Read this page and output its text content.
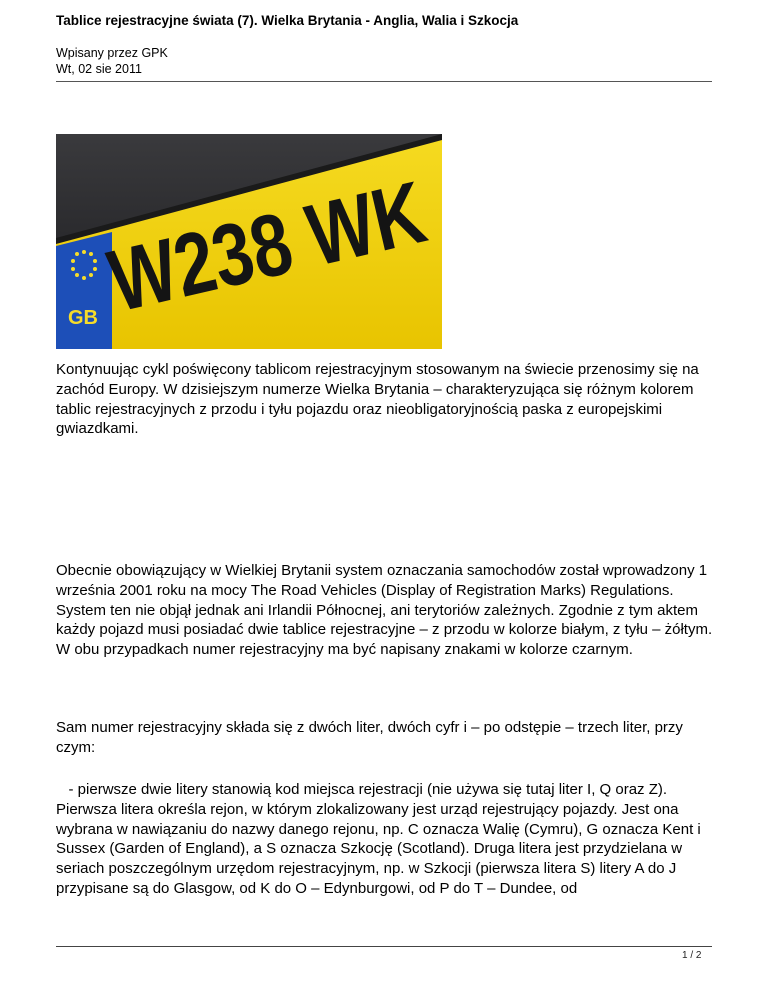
Tablice rejestracyjne świata (7). Wielka Brytania - Anglia, Walia i Szkocja
Wpisany przez GPK
Wt, 02 sie 2011
GB W238 WK
Kontynuując cykl poświęcony tablicom rejestracyjnym stosowanym na świecie przenosimy się na zachód Europy. W dzisiejszym numerze Wielka Brytania – charakteryzująca się różnym kolorem tablic rejestracyjnych z przodu i tyłu pojazdu oraz nieobligatoryjnością paska z europejskimi gwiazdkami.
Obecnie obowiązujący w Wielkiej Brytanii system oznaczania samochodów został wprowadzony 1 września 2001 roku na mocy The Road Vehicles (Display of Registration Marks) Regulations. System ten nie objął jednak ani Irlandii Północnej, ani terytoriów zależnych. Zgodnie z tym aktem każdy pojazd musi posiadać dwie tablice rejestracyjne – z przodu w kolorze białym, z tyłu – żółtym. W obu przypadkach numer rejestracyjny ma być napisany znakami w kolorze czarnym.
Sam numer rejestracyjny składa się z dwóch liter, dwóch cyfr i – po odstępie – trzech liter, przy czym:
- pierwsze dwie litery stanowią kod miejsca rejestracji (nie używa się tutaj liter I, Q oraz Z). Pierwsza litera określa rejon, w którym zlokalizowany jest urząd rejestrujący pojazdy. Jest ona wybrana w nawiązaniu do nazwy danego rejonu, np. C oznacza Walię (Cymru), G oznacza Kent i Sussex (Garden of England), a S oznacza Szkocję (Scotland). Druga litera jest przydzielana w seriach poszczególnym urzędom rejestracyjnym, np. w Szkocji (pierwsza litera S) litery A do J przypisane są do Glasgow, od K do O – Edynburgowi, od P do T – Dundee, od
1 / 2
